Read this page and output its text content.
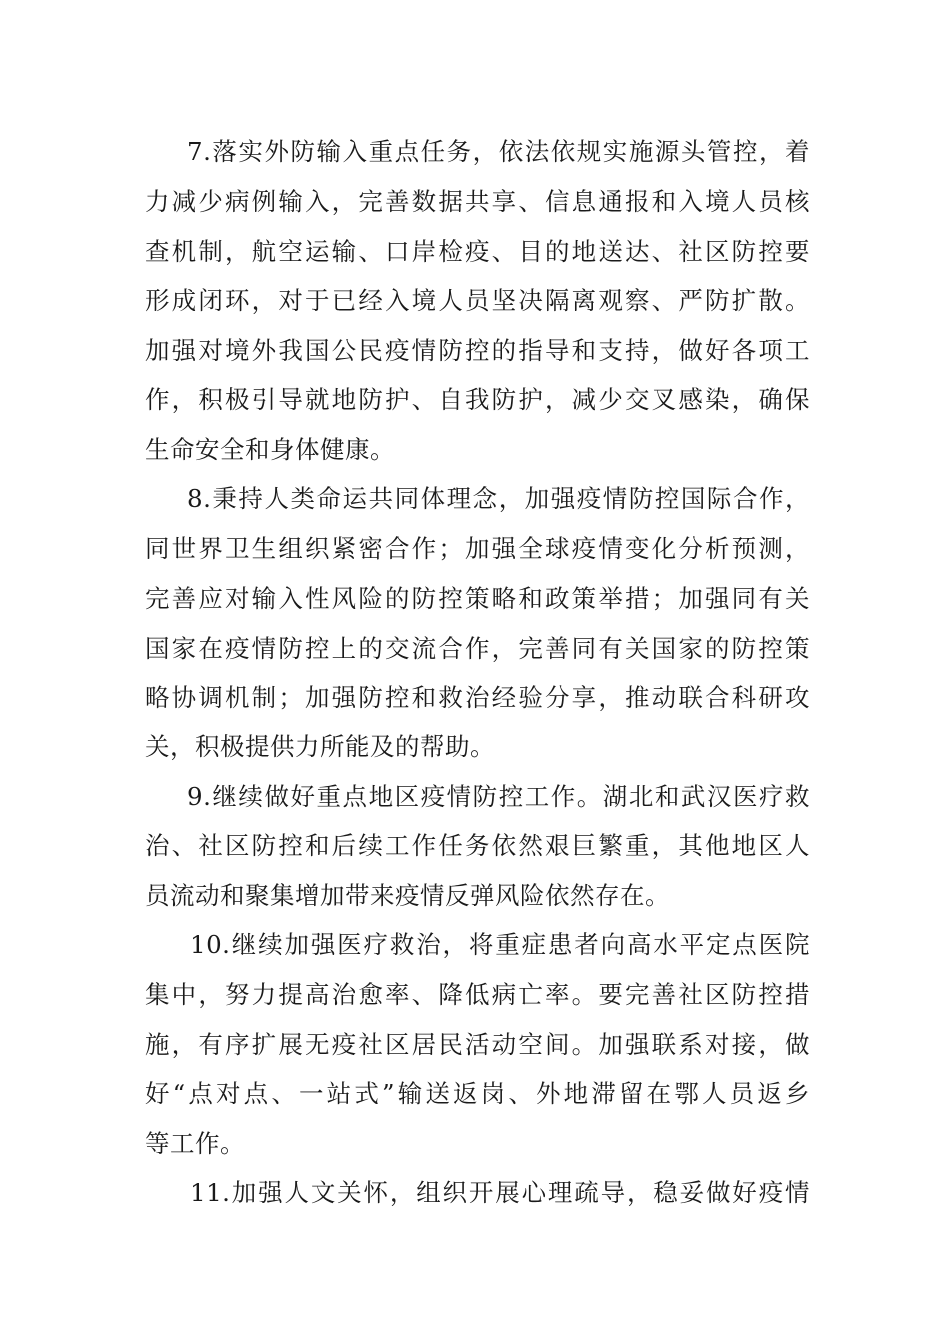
7.落实外防输入重点任务，依法依规实施源头管控，着
力减少病例输入，完善数据共享、信息通报和入境人员核
查机制，航空运输、口岸检疫、目的地送达、社区防控要
形成闭环，对于已经入境人员坚决隔离观察、严防扩散。
加强对境外我国公民疫情防控的指导和支持，做好各项工
作，积极引导就地防护、自我防护，减少交叉感染，确保
生命安全和身体健康。
8.秉持人类命运共同体理念，加强疫情防控国际合作，
同世界卫生组织紧密合作；加强全球疫情变化分析预测，
完善应对输入性风险的防控策略和政策举措；加强同有关
国家在疫情防控上的交流合作，完善同有关国家的防控策
略协调机制；加强防控和救治经验分享，推动联合科研攻
关，积极提供力所能及的帮助。
9.继续做好重点地区疫情防控工作。湖北和武汉医疗救
治、社区防控和后续工作任务依然艰巨繁重，其他地区人
员流动和聚集增加带来疫情反弹风险依然存在。
10.继续加强医疗救治，将重症患者向高水平定点医院
集中，努力提高治愈率、降低病亡率。要完善社区防控措
施，有序扩展无疫社区居民活动空间。加强联系对接，做
好“点对点、一站式”输送返岗、外地滞留在鄂人员返乡
等工作。
11.加强人文关怀，组织开展心理疏导，稳妥做好疫情
